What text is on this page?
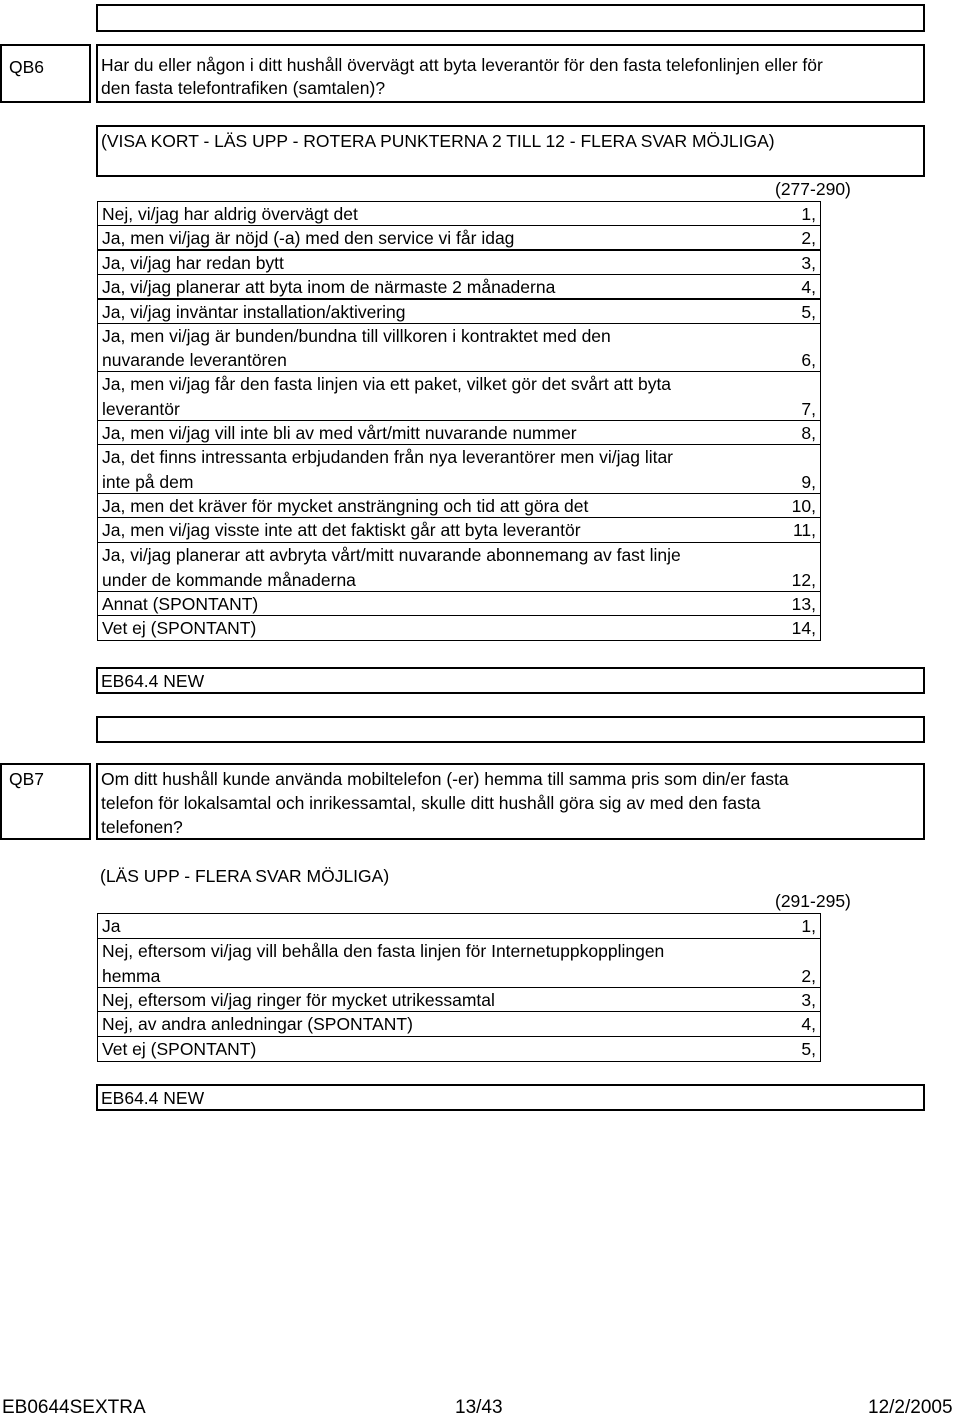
QB6	Har du eller någon i ditt hushåll övervägt att byta leverantör för den fasta telefonlinjen eller för
den fasta telefontrafiken (samtalen)?
(VISA KORT - LÄS UPP - ROTERA PUNKTERNA 2 TILL 12 - FLERA SVAR MÖJLIGA)
(277-290)
Nej, vi/jag har aldrig övervägt det	1,
Ja, men vi/jag är nöjd (-a) med den service vi får idag	2,
Ja, vi/jag har redan bytt	3,
Ja, vi/jag planerar att byta inom de närmaste 2 månaderna	4,
Ja, vi/jag inväntar installation/aktivering	5,
Ja, men vi/jag är bunden/bundna till villkoren i kontraktet med den
nuvarande leverantören	6,
Ja, men vi/jag får den fasta linjen via ett paket, vilket gör det svårt att byta
leverantör	7,
Ja, men vi/jag vill inte bli av med vårt/mitt nuvarande nummer	8,
Ja, det finns intressanta erbjudanden från nya leverantörer men vi/jag litar
inte på dem	9,
Ja, men det kräver för mycket ansträngning och tid att göra det	10,
Ja, men vi/jag visste inte att det faktiskt går att byta leverantör	11,
Ja, vi/jag planerar att avbryta vårt/mitt nuvarande abonnemang av fast linje
under de kommande månaderna	12,
Annat (SPONTANT)	13,
Vet ej (SPONTANT)	14,
EB64.4 NEW
QB7	Om ditt hushåll kunde använda mobiltelefon (-er) hemma till samma pris som din/er fasta
telefon för lokalsamtal och inrikessamtal, skulle ditt hushåll göra sig av med den fasta
telefonen?
(LÄS UPP - FLERA SVAR MÖJLIGA)
(291-295)
Ja	1,
Nej, eftersom vi/jag vill behålla den fasta linjen för Internetuppkopplingen
hemma	2,
Nej, eftersom vi/jag ringer för mycket utrikessamtal	3,
Nej, av andra anledningar (SPONTANT)	4,
Vet ej (SPONTANT)	5,
EB64.4 NEW
EB0644SEXTRA	13/43	12/2/2005
